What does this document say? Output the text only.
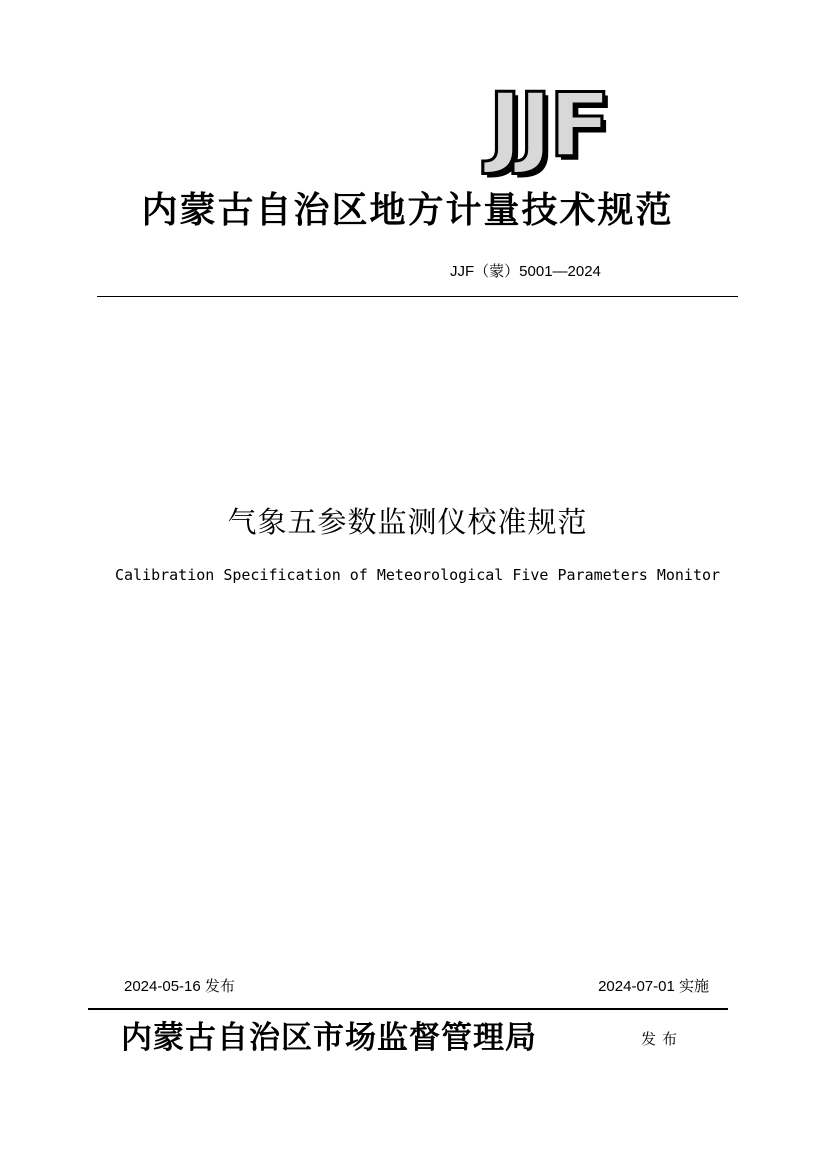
JJF
内蒙古自治区地方计量技术规范
JJF（蒙）5001—2024
气象五参数监测仪校准规范
Calibration Specification of Meteorological Five Parameters Monitor
2024-05-16 发布	2024-07-01 实施
内蒙古自治区市场监督管理局	发布
